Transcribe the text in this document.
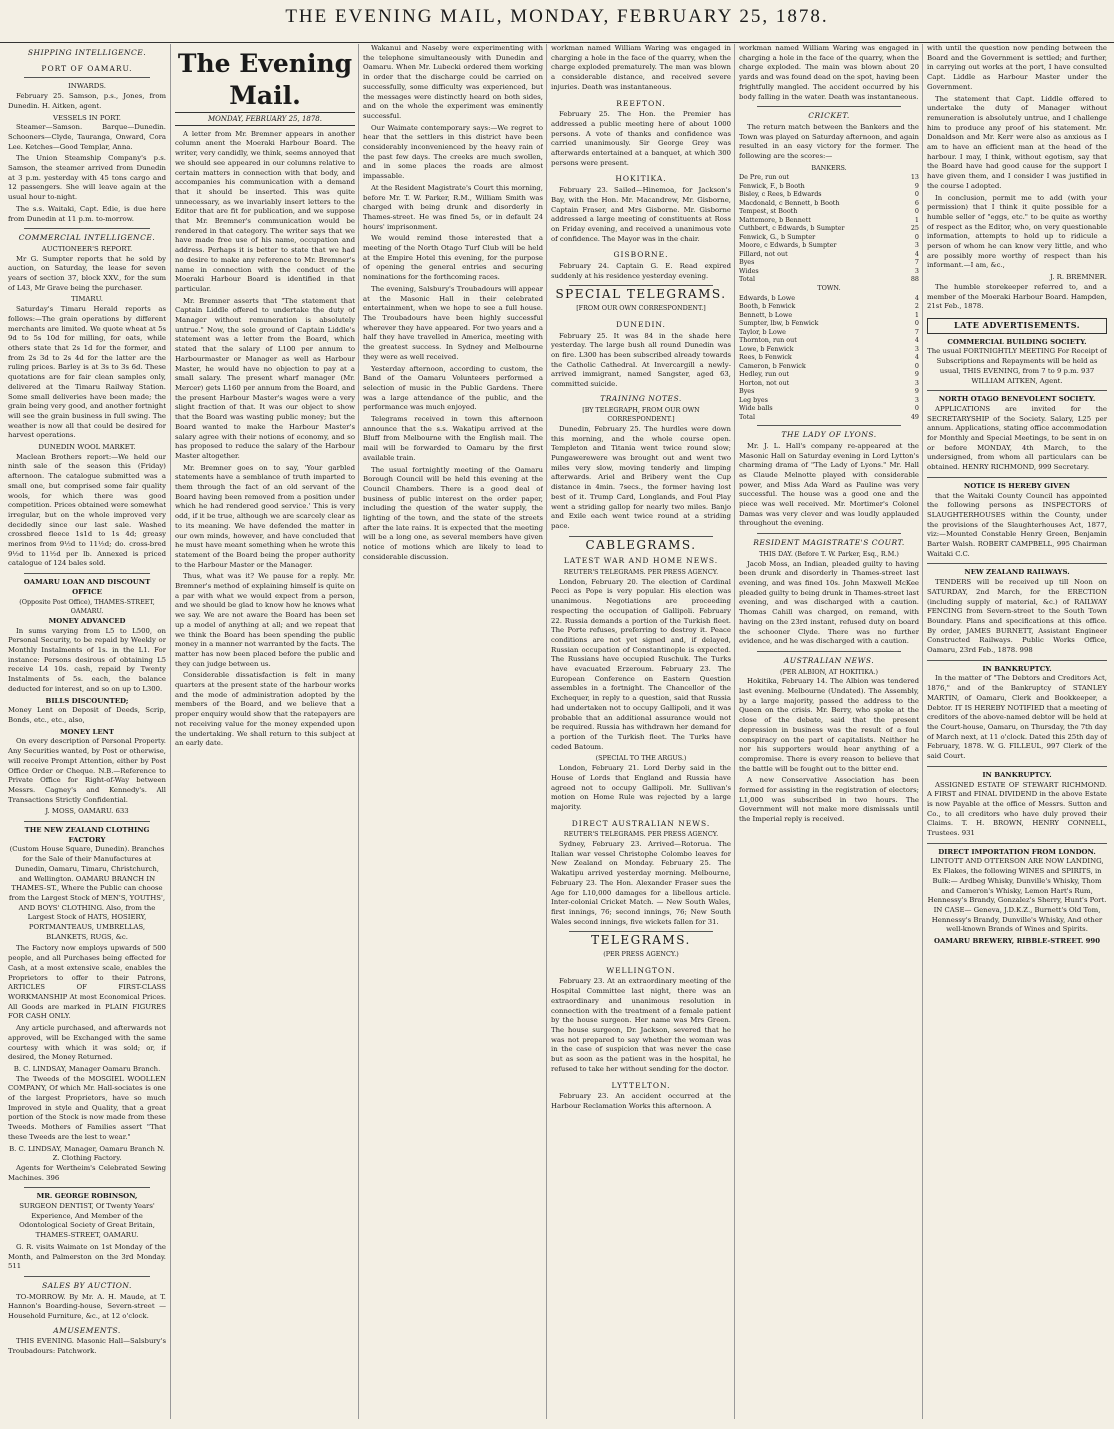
THE EVENING MAIL, MONDAY, FEBRUARY 25, 1878.
SHIPPING INTELLIGENCE.
PORT OF OAMARU.
INWARDS.

February 25. Samson, p.s., Jones, from Dunedin. H. Aitken, agent.

VESSELS IN PORT.

Steamer—Samson. Barque—Dunedin. Schooners—Clyde, Tauranga, Onward, Cora Lee. Ketches—Good Templar, Anna.

The Union Steamship Company's p.s. Samson, the steamer arrived from Dunedin at 3 p.m. yesterday with 45 tons cargo and 12 passengers. She will leave again at the usual hour to-night.

The s.s. Waitaki, Capt. Edie, is due here from Dunedin at 11 p.m. to-morrow.

COMMERCIAL INTELLIGENCE.
AUCTIONEER'S REPORT.

Mr G. Sumpter reports that he sold by auction, on Saturday, the lease for seven years of section 37, block XXV., for the sum of L43, Mr Grave being the purchaser.

TIMARU.

Saturday's Timaru Herald reports as follows:—The grain operations by different merchants are limited. We quote wheat at 5s 9d to 5s 10d for milling, for oats, while others state that 2s 1d for the former, and from 2s 3d to 2s 4d for the latter are the ruling prices. Barley is at 3s to 3s 6d. These quotations are for fair clean samples only, delivered at the Timaru Railway Station. Some small deliveries have been made; the grain being very good, and another fortnight will see the grain business in full swing. The weather is now all that could be desired for harvest operations.

DUNEDIN WOOL MARKET.

Maclean Brothers report:—We held our ninth sale of the season this (Friday) afternoon. The catalogue submitted was a small one, but comprised some fair quality wools, for which there was good competition. Prices obtained were somewhat irregular, but on the whole improved very decidedly since our last sale. Washed crossbred fleece 1s1d to 1s 4d; greasy merinos from 9½d to 11½d; do. cross-bred 9½d to 11½d per lb. Annexed is priced catalogue of 124 bales sold.

OAMARU LOAN AND DISCOUNT OFFICE
(Opposite Post Office), THAMES-STREET, OAMARU.
MONEY ADVANCED

In sums varying from L5 to L500, on Personal Security, to be repaid by Weekly or Monthly Instalments of 1s. in the L1. For instance: Persons desirous of obtaining L5 receive L4 10s. cash, repaid by Twenty Instalments of 5s. each, the balance deducted for interest, and so on up to L300.

BILLS DISCOUNTED;

Money Lent on Deposit of Deeds, Scrip, Bonds, etc., etc., also,

MONEY LENT

On every description of Personal Property. Any Securities wanted, by Post or otherwise, will receive Prompt Attention, either by Post Office Order or Cheque. N.B.—Reference to Private Office for Right-of-Way between Messrs. Cagney's and Kennedy's. All Transactions Strictly Confidential.

J. MOSS, OAMARU. 633
THE NEW ZEALAND CLOTHING FACTORY

(Custom House Square, Dunedin). Branches for the Sale of their Manufactures at Dunedin, Oamaru, Timaru, Christchurch, and Wellington. OAMARU BRANCH IN THAMES-ST., Where the Public can choose from the Largest Stock of MEN'S, YOUTHS', AND BOYS' CLOTHING. Also, from the Largest Stock of HATS, HOSIERY, PORTMANTEAUS, UMBRELLAS, BLANKETS, RUGS, &c.

The Factory now employs upwards of 500 people, and all Purchases being effected for Cash, at a most extensive scale, enables the Proprietors to offer to their Patrons, ARTICLES OF FIRST-CLASS WORKMANSHIP At most Economical Prices. All Goods are marked in PLAIN FIGURES FOR CASH ONLY.

Any article purchased, and afterwards not approved, will be Exchanged with the same courtesy with which it was sold; or, if desired, the Money Returned.

B. C. LINDSAY, Manager Oamaru Branch.

The Tweeds of the MOSGIEL WOOLLEN COMPANY, Of which Mr. Hall-sociates is one of the largest Proprietors, have so much Improved in style and Quality, that a great portion of the Stock is now made from these Tweeds. Mothers of Families assert "That these Tweeds are the lest to wear."

B. C. LINDSAY, Manager, Oamaru Branch N. Z. Clothing Factory.

Agents for Wertheim's Celebrated Sewing Machines. 396

MR. GEORGE ROBINSON,

SURGEON DENTIST, Of Twenty Years' Experience, And Member of the Odontological Society of Great Britain, THAMES-STREET, OAMARU.

G. R. visits Waimate on 1st Monday of the Month, and Palmerston on the 3rd Monday. 511

SALES BY AUCTION.

TO-MORROW. By Mr. A. H. Maude, at T. Hannon's Boarding-house, Severn-street — Household Furniture, &c., at 12 o'clock.

AMUSEMENTS.

THIS EVENING. Masonic Hall—Salsbury's Troubadours: Patchwork.

The Evening Mail.
MONDAY, FEBRUARY 25, 1878.

A letter from Mr. Bremner appears in another column anent the Moeraki Harbour Board. The writer, very candidly, we think, seems annoyed that we should see appeared in our columns relative to certain matters in connection with that body, and accompanies his communication with a demand that it should be inserted. This was quite unnecessary, as we invariably insert letters to the Editor that are fit for publication, and we suppose that Mr. Bremner's communication would be rendered in that category. The writer says that we have made free use of his name, occupation and address. Perhaps it is better to state that we had no desire to make any reference to Mr. Bremner's name in connection with the conduct of the Moeraki Harbour Board is identified in that particular.

Mr. Bremner asserts that "The statement that Captain Liddle offered to undertake the duty of Manager without remuneration is absolutely untrue." Now, the sole ground of Captain Liddle's statement was a letter from the Board, which stated that the salary of L100 per annum to Harbourmaster or Manager as well as Harbour Master, he would have no objection to pay at a small salary. The present wharf manager (Mr. Mercer) gets L160 per annum from the Board, and the present Harbour Master's wages were a very slight fraction of that. It was our object to show that the Board was wasting public money; but the Board wanted to make the Harbour Master's salary agree with their notions of economy, and so has proposed to reduce the salary of the Harbour Master altogether.

Mr. Bremner goes on to say, 'Your garbled statements have a semblance of truth imparted to them through the fact of an old servant of the Board having been removed from a position under which he had rendered good service.' This is very odd, if it be true, although we are scarcely clear as to its meaning. We have defended the matter in our own minds, however, and have concluded that he must have meant something when he wrote this statement of the Board being the proper authority to the Harbour Master or the Manager.

Thus, what was it? We pause for a reply. Mr. Bremner's method of explaining himself is quite on a par with what we would expect from a person, and we should be glad to know how he knows what we say. We are not aware the Board has been set up a model of anything at all; and we repeat that we think the Board has been spending the public money in a manner not warranted by the facts. The matter has now been placed before the public and they can judge between us.

Considerable dissatisfaction is felt in many quarters at the present state of the harbour works and the mode of administration adopted by the members of the Board, and we believe that a proper enquiry would show that the ratepayers are not receiving value for the money expended upon the undertaking. We shall return to this subject at an early date.

Wakanui and Naseby were experimenting with the telephone simultaneously with Dunedin and Oamaru. When Mr. Lubecki ordered them working in order that the discharge could be carried on successfully, some difficulty was experienced, but the messages were distinctly heard on both sides, and on the whole the experiment was eminently successful.

Our Waimate contemporary says:—We regret to hear that the settlers in this district have been considerably inconvenienced by the heavy rain of the past few days. The creeks are much swollen, and in some places the roads are almost impassable.

At the Resident Magistrate's Court this morning, before Mr. T. W. Parker, R.M., William Smith was charged with being drunk and disorderly in Thames-street. He was fined 5s, or in default 24 hours' imprisonment.

We would remind those interested that a meeting of the North Otago Turf Club will be held at the Empire Hotel this evening, for the purpose of opening the general entries and securing nominations for the forthcoming races.

The evening, Salsbury's Troubadours will appear at the Masonic Hall in their celebrated entertainment, when we hope to see a full house. The Troubadours have been highly successful wherever they have appeared. For two years and a half they have travelled in America, meeting with the greatest success. In Sydney and Melbourne they were as well received.

Yesterday afternoon, according to custom, the Band of the Oamaru Volunteers performed a selection of music in the Public Gardens. There was a large attendance of the public, and the performance was much enjoyed.

Telegrams received in town this afternoon announce that the s.s. Wakatipu arrived at the Bluff from Melbourne with the English mail. The mail will be forwarded to Oamaru by the first available train.

The usual fortnightly meeting of the Oamaru Borough Council will be held this evening at the Council Chambers. There is a good deal of business of public interest on the order paper, including the question of the water supply, the lighting of the town, and the state of the streets after the late rains. It is expected that the meeting will be a long one, as several members have given notice of motions which are likely to lead to considerable discussion.

workman named William Waring was engaged in charging a hole in the face of the quarry, when the charge exploded prematurely. The man was blown a considerable distance, and received severe injuries. Death was instantaneous.

REEFTON.

February 25. The Hon. the Premier has addressed a public meeting here of about 1000 persons. A vote of thanks and confidence was carried unanimously. Sir George Grey was afterwards entertained at a banquet, at which 300 persons were present.

HOKITIKA.

February 23. Sailed—Hinemoa, for Jackson's Bay, with the Hon. Mr. Macandrew, Mr. Gisborne, Captain Fraser, and Mrs Gisborne. Mr. Gisborne addressed a large meeting of constituents at Ross on Friday evening, and received a unanimous vote of confidence. The Mayor was in the chair.

GISBORNE.

February 24. Captain G. E. Read expired suddenly at his residence yesterday evening.

SPECIAL TELEGRAMS.
[FROM OUR OWN CORRESPONDENT.]
DUNEDIN.

February 25. It was 84 in the shade here yesterday. The large bush all round Dunedin was on fire. L300 has been subscribed already towards the Catholic Cathedral. At Invercargill a newly-arrived immigrant, named Sangster, aged 63, committed suicide.

TRAINING NOTES.
[BY TELEGRAPH, FROM OUR OWN CORRESPONDENT.]

Dunedin, February 25. The hurdles were down this morning, and the whole course open. Templeton and Titania went twice round slow; Pungawerewere was brought out and went two miles very slow, moving tenderly and limping afterwards. Ariel and Bribery went the Cup distance in 4min. 7secs., the former having lost best of it. Trump Card, Longlands, and Foul Play went a striding gallop for nearly two miles. Banjo and Exile each went twice round at a striding pace.

CABLEGRAMS.
LATEST WAR AND HOME NEWS.
REUTER'S TELEGRAMS. PER PRESS AGENCY.

London, February 20. The election of Cardinal Pecci as Pope is very popular. His election was unanimous. Negotiations are proceeding respecting the occupation of Gallipoli. February 22. Russia demands a portion of the Turkish fleet. The Porte refuses, preferring to destroy it. Peace conditions are not yet signed and, if delayed, Russian occupation of Constantinople is expected. The Russians have occupied Ruschuk. The Turks have evacuated Erzeroum. February 23. The European Conference on Eastern Question assembles in a fortnight. The Chancellor of the Exchequer, in reply to a question, said that Russia had undertaken not to occupy Gallipoli, and it was probable that an additional assurance would not be required. Russia has withdrawn her demand for a portion of the Turkish fleet. The Turks have ceded Batoum.

(SPECIAL TO THE ARGUS.)

London, February 21. Lord Derby said in the House of Lords that England and Russia have agreed not to occupy Gallipoli. Mr. Sullivan's motion on Home Rule was rejected by a large majority.

DIRECT AUSTRALIAN NEWS.
REUTER'S TELEGRAMS. PER PRESS AGENCY.

Sydney, February 23. Arrived—Rotorua. The Italian war vessel Christophe Colombo leaves for New Zealand on Monday. February 25. The Wakatipu arrived yesterday morning. Melbourne, February 23. The Hon. Alexander Fraser sues the Age for L10,000 damages for a libellous article. Inter-colonial Cricket Match. — New South Wales, first innings, 76; second innings, 76; New South Wales second innings, five wickets fallen for 31.

TELEGRAMS.
(PER PRESS AGENCY.)
WELLINGTON.

February 23. At an extraordinary meeting of the Hospital Committee last night, there was an extraordinary and unanimous resolution in connection with the treatment of a female patient by the house surgeon. Her name was Mrs Green. The house surgeon, Dr. Jackson, severed that he was not prepared to say whether the woman was in the case of suspicion that was never the case but as soon as the patient was in the hospital, he refused to take her without sending for the doctor.

LYTTELTON.

February 23. An accident occurred at the Harbour Reclamation Works this afternoon. A

workman named William Waring was engaged in charging a hole in the face of the quarry, when the charge exploded. The main was blown about 20 yards and was found dead on the spot, having been frightfully mangled. The accident occurred by his body falling in the water. Death was instantaneous.

CRICKET.

The return match between the Bankers and the Town was played on Saturday afternoon, and again resulted in an easy victory for the former. The following are the scores:—

BANKERS.
De Pre, run out	13
Fenwick, F., b Booth	9
Bisley, c Rees, b Edwards	0
Macdonald, c Bennett, b Booth	6
Tempest, st Booth	0
Mattemore, b Bennett	1
Cuthbert, c Edwards, b Sumpter	25
Fenwick, G., b Sumpter	0
Moore, c Edwards, b Sumpter	3
Fillard, not out	4
Byes	7
Wides	3
Total	88
TOWN.
Edwards, b Lowe	4
Booth, b Fenwick	2
Bennett, b Lowe	1
Sumpter, lbw, b Fenwick	0
Taylor, b Lowe	7
Thornton, run out	4
Lowe, b Fenwick	3
Rees, b Fenwick	4
Cameron, b Fenwick	0
Hedley, run out	9
Horton, not out	3
Byes	9
Leg byes	3
Wide balls	0
Total	49
THE LADY OF LYONS.

Mr. J. L. Hall's company re-appeared at the Masonic Hall on Saturday evening in Lord Lytton's charming drama of "The Lady of Lyons." Mr. Hall as Claude Melnotte played with considerable power, and Miss Ada Ward as Pauline was very successful. The house was a good one and the piece was well received. Mr. Mortimer's Colonel Damas was very clever and was loudly applauded throughout the evening.

RESIDENT MAGISTRATE'S COURT.
THIS DAY. (Before T. W. Parker, Esq., R.M.)

Jacob Moss, an Indian, pleaded guilty to having been drunk and disorderly in Thames-street last evening, and was fined 10s. John Maxwell McKee pleaded guilty to being drunk in Thames-street last evening, and was discharged with a caution. Thomas Cahill was charged, on remand, with having on the 23rd instant, refused duty on board the schooner Clyde. There was no further evidence, and he was discharged with a caution.

AUSTRALIAN NEWS.
(PER ALBION, AT HOKITIKA.)

Hokitika, February 14. The Albion was tendered last evening. Melbourne (Undated). The Assembly, by a large majority, passed the address to the Queen on the crisis. Mr. Berry, who spoke at the close of the debate, said that the present depression in business was the result of a foul conspiracy on the part of capitalists. Neither he nor his supporters would hear anything of a compromise. There is every reason to believe that the battle will be fought out to the bitter end.

A new Conservative Association has been formed for assisting in the registration of electors; L1,000 was subscribed in two hours. The Government will not make more dismissals until the Imperial reply is received.

with until the question now pending between the Board and the Government is settled; and further, in carrying out works at the port, I have consulted Capt. Liddle as Harbour Master under the Government.

The statement that Capt. Liddle offered to undertake the duty of Manager without remuneration is absolutely untrue, and I challenge him to produce any proof of his statement. Mr. Donaldson and Mr. Kerr were also as anxious as I am to have an efficient man at the head of the harbour. I may, I think, without egotism, say that the Board have had good cause for the support I have given them, and I consider I was justified in the course I adopted.

In conclusion, permit me to add (with your permission) that I think it quite possible for a humble seller of "eggs, etc." to be quite as worthy of respect as the Editor, who, on very questionable information, attempts to hold up to ridicule a person of whom he can know very little, and who are possibly more worthy of respect than his informant.—I am, &c.,

J. R. BREMNER.

The humble storekeeper referred to, and a member of the Moeraki Harbour Board. Hampden, 21st Feb., 1878.

LATE ADVERTISEMENTS.
COMMERCIAL BUILDING SOCIETY.

The usual FORTNIGHTLY MEETING For Receipt of Subscriptions and Repayments will be held as usual, THIS EVENING, from 7 to 9 p.m. 937 WILLIAM AITKEN, Agent.

NORTH OTAGO BENEVOLENT SOCIETY.

APPLICATIONS are invited for the SECRETARYSHIP of the Society. Salary, L25 per annum. Applications, stating office accommodation for Monthly and Special Meetings, to be sent in on or before MONDAY, 4th March, to the undersigned, from whom all particulars can be obtained. HENRY RICHMOND, 999 Secretary.

NOTICE IS HEREBY GIVEN

that the Waitaki County Council has appointed the following persons as INSPECTORS of SLAUGHTERHOUSES within the County, under the provisions of the Slaughterhouses Act, 1877, viz:—Mounted Constable Henry Green, Benjamin Barter Walsh. ROBERT CAMPBELL, 995 Chairman Waitaki C.C.

NEW ZEALAND RAILWAYS.

TENDERS will be received up till Noon on SATURDAY, 2nd March, for the ERECTION (including supply of material, &c.) of RAILWAY FENCING from Severn-street to the South Town Boundary. Plans and specifications at this office. By order, JAMES BURNETT, Assistant Engineer Constructed Railways. Public Works Office, Oamaru, 23rd Feb., 1878. 998

IN BANKRUPTCY.

In the matter of "The Debtors and Creditors Act, 1876," and of the Bankruptcy of STANLEY MARTIN, of Oamaru, Clerk and Bookkeeper, a Debtor. IT IS HEREBY NOTIFIED that a meeting of creditors of the above-named debtor will be held at the Court-house, Oamaru, on Thursday, the 7th day of March next, at 11 o'clock. Dated this 25th day of February, 1878. W. G. FILLEUL, 997 Clerk of the said Court.

IN BANKRUPTCY.

ASSIGNED ESTATE OF STEWART RICHMOND. A FIRST and FINAL DIVIDEND in the above Estate is now Payable at the office of Messrs. Sutton and Co., to all creditors who have duly proved their Claims. T. H. BROWN, HENRY CONNELL, Trustees. 931

DIRECT IMPORTATION FROM LONDON.

LINTOTT AND OTTERSON ARE NOW LANDING, Ex Flakes, the following WINES and SPIRITS, in Bulk:— Ardbeg Whisky, Dunville's Whisky, Thom and Cameron's Whisky, Lemon Hart's Rum, Hennessy's Brandy, Gonzalez's Sherry, Hunt's Port. IN CASE— Geneva, J.D.K.Z., Burnett's Old Tom, Hennessy's Brandy, Dunville's Whisky, And other well-known Brands of Wines and Spirits.

OAMARU BREWERY, RIBBLE-STREET. 990
